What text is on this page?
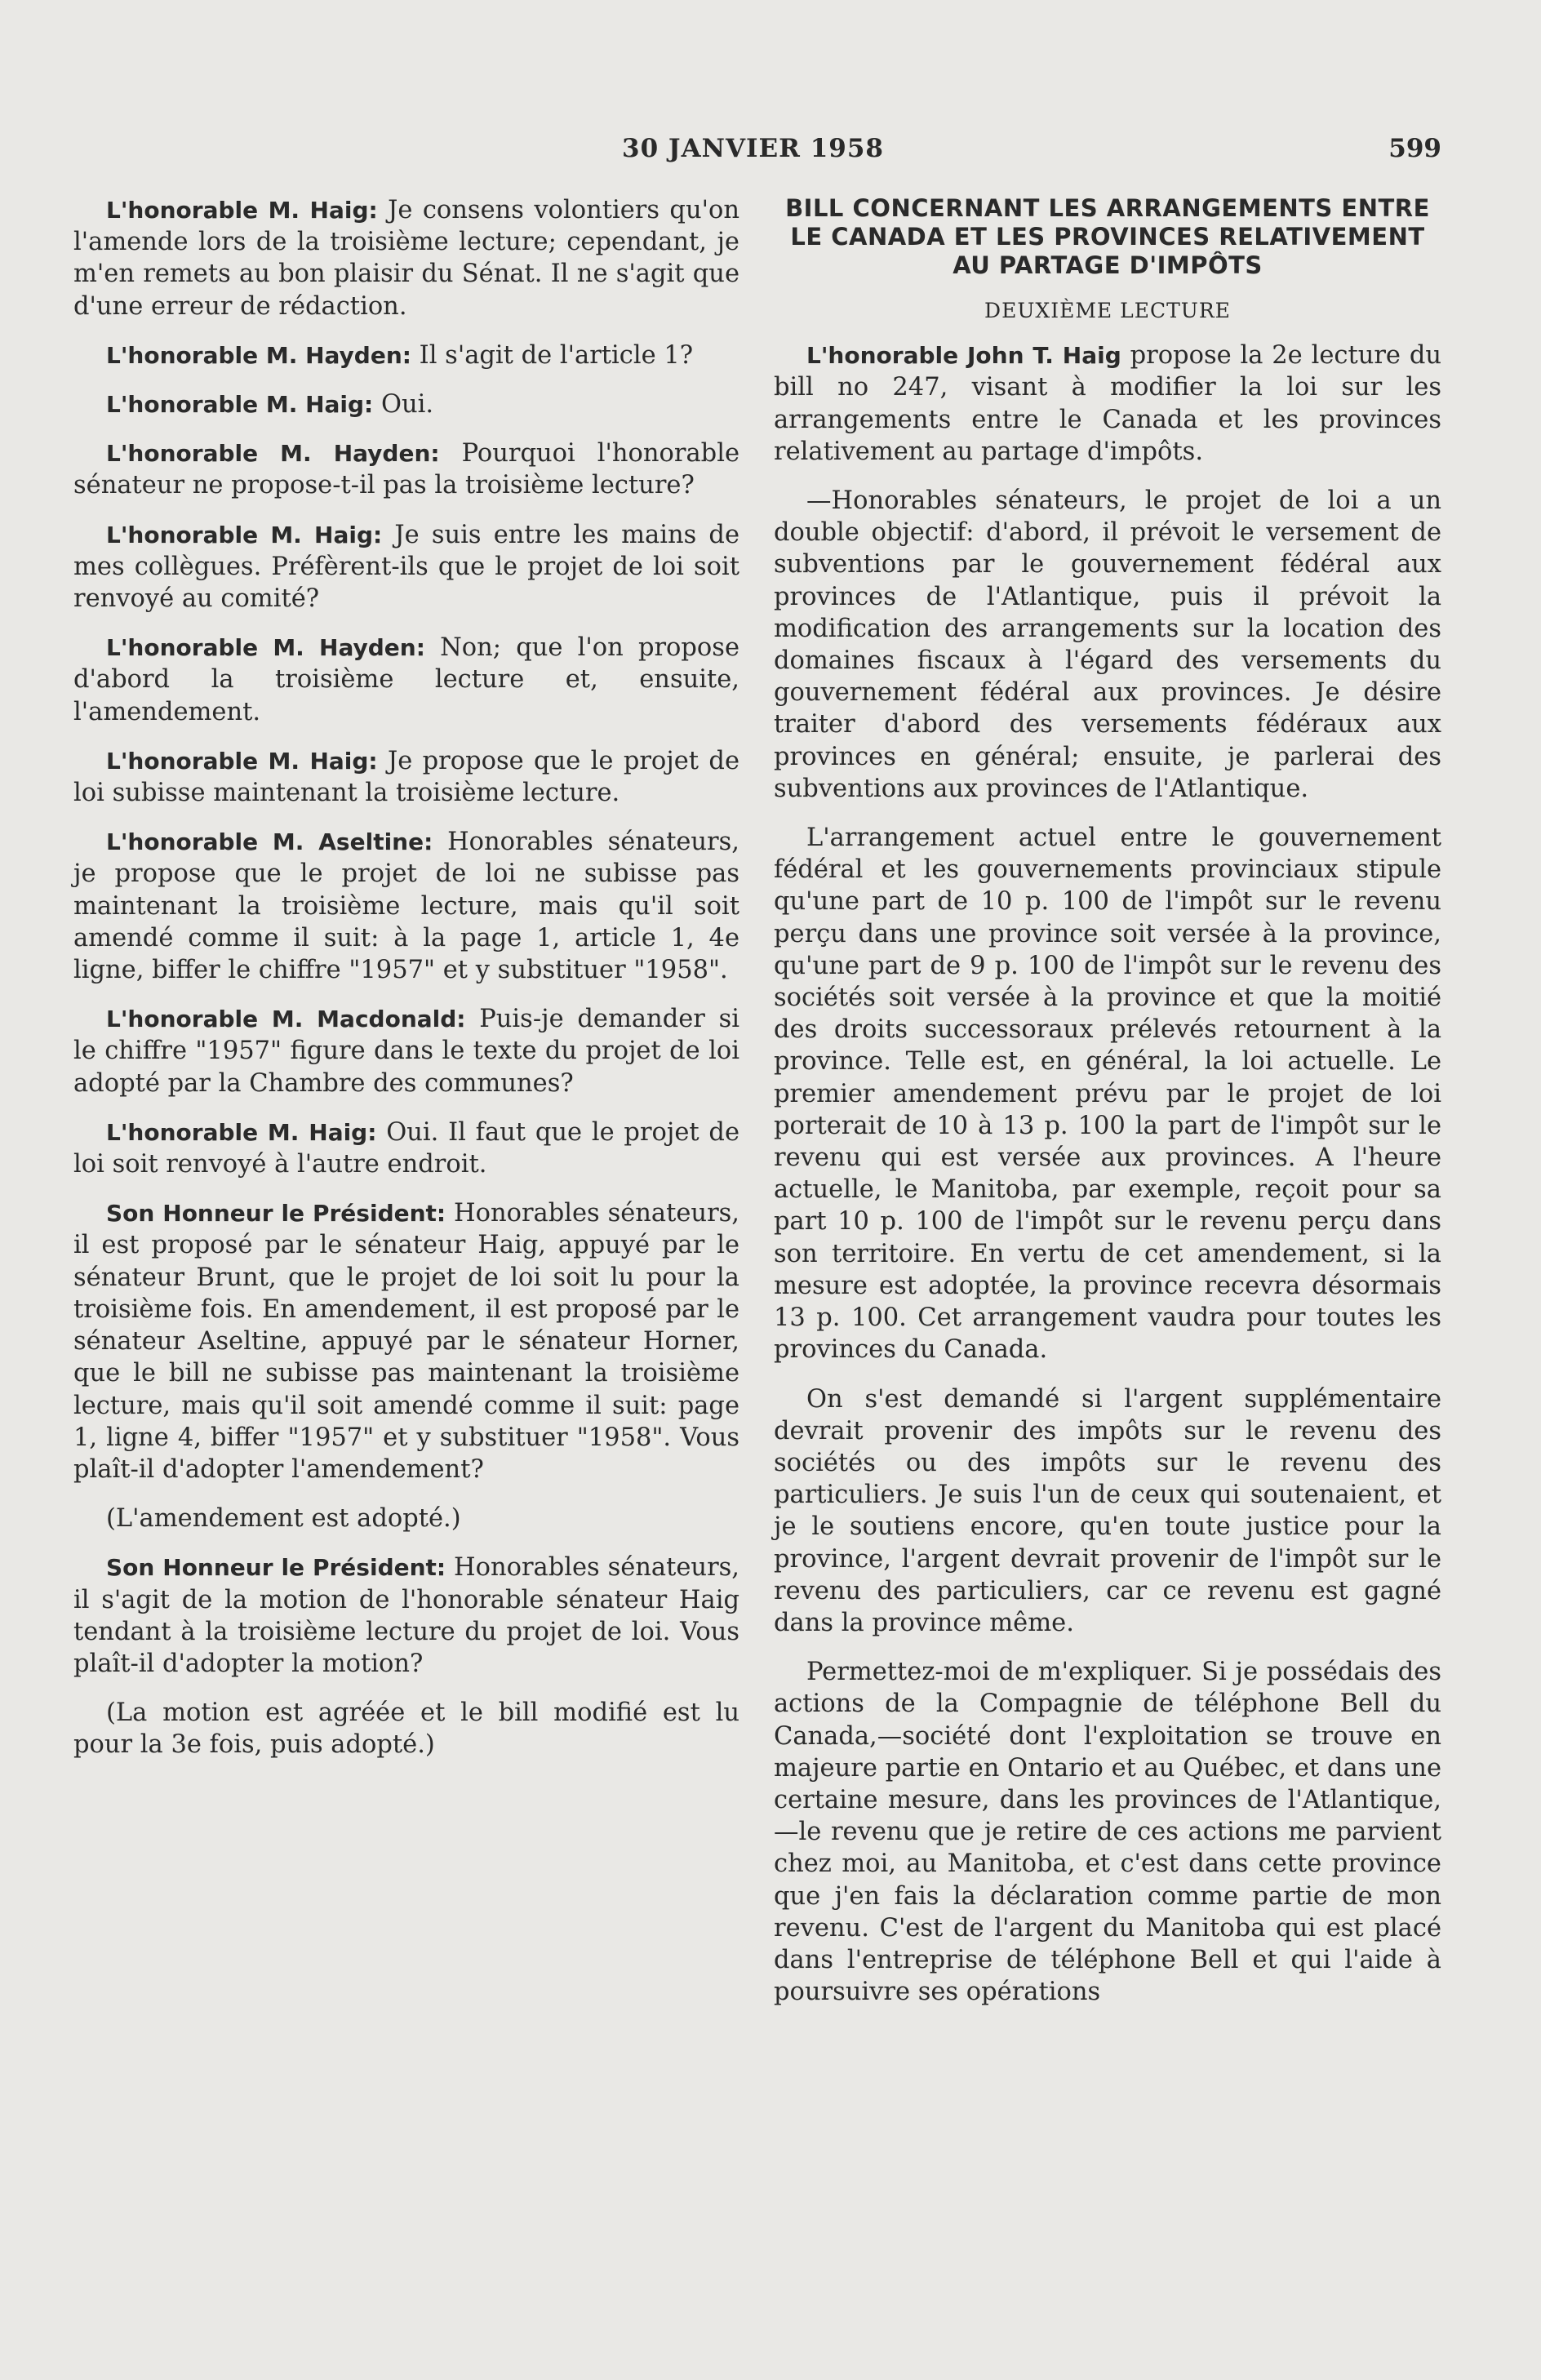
30 JANVIER 1958	599

L'honorable M. Haig: Je consens volontiers qu'on l'amende lors de la troisième lecture; cependant, je m'en remets au bon plaisir du Sénat. Il ne s'agit que d'une erreur de rédaction.

L'honorable M. Hayden: Il s'agit de l'article 1?

L'honorable M. Haig: Oui.

L'honorable M. Hayden: Pourquoi l'honorable sénateur ne propose-t-il pas la troisième lecture?

L'honorable M. Haig: Je suis entre les mains de mes collègues. Préfèrent-ils que le projet de loi soit renvoyé au comité?

L'honorable M. Hayden: Non; que l'on propose d'abord la troisième lecture et, ensuite, l'amendement.

L'honorable M. Haig: Je propose que le projet de loi subisse maintenant la troisième lecture.

L'honorable M. Aseltine: Honorables sénateurs, je propose que le projet de loi ne subisse pas maintenant la troisième lecture, mais qu'il soit amendé comme il suit: à la page 1, article 1, 4e ligne, biffer le chiffre "1957" et y substituer "1958".

L'honorable M. Macdonald: Puis-je demander si le chiffre "1957" figure dans le texte du projet de loi adopté par la Chambre des communes?

L'honorable M. Haig: Oui. Il faut que le projet de loi soit renvoyé à l'autre endroit.

Son Honneur le Président: Honorables sénateurs, il est proposé par le sénateur Haig, appuyé par le sénateur Brunt, que le projet de loi soit lu pour la troisième fois. En amendement, il est proposé par le sénateur Aseltine, appuyé par le sénateur Horner, que le bill ne subisse pas maintenant la troisième lecture, mais qu'il soit amendé comme il suit: page 1, ligne 4, biffer "1957" et y substituer "1958". Vous plaît-il d'adopter l'amendement?

(L'amendement est adopté.)

Son Honneur le Président: Honorables sénateurs, il s'agit de la motion de l'honorable sénateur Haig tendant à la troisième lecture du projet de loi. Vous plaît-il d'adopter la motion?

(La motion est agréée et le bill modifié est lu pour la 3e fois, puis adopté.)

BILL CONCERNANT LES ARRANGEMENTS ENTRE LE CANADA ET LES PROVINCES RELATIVEMENT AU PARTAGE D'IMPÔTS
DEUXIÈME LECTURE

L'honorable John T. Haig propose la 2e lecture du bill no 247, visant à modifier la loi sur les arrangements entre le Canada et les provinces relativement au partage d'impôts.

—Honorables sénateurs, le projet de loi a un double objectif: d'abord, il prévoit le versement de subventions par le gouvernement fédéral aux provinces de l'Atlantique, puis il prévoit la modification des arrangements sur la location des domaines fiscaux à l'égard des versements du gouvernement fédéral aux provinces. Je désire traiter d'abord des versements fédéraux aux provinces en général; ensuite, je parlerai des subventions aux provinces de l'Atlantique.

L'arrangement actuel entre le gouvernement fédéral et les gouvernements provinciaux stipule qu'une part de 10 p. 100 de l'impôt sur le revenu perçu dans une province soit versée à la province, qu'une part de 9 p. 100 de l'impôt sur le revenu des sociétés soit versée à la province et que la moitié des droits successoraux prélevés retournent à la province. Telle est, en général, la loi actuelle. Le premier amendement prévu par le projet de loi porterait de 10 à 13 p. 100 la part de l'impôt sur le revenu qui est versée aux provinces. A l'heure actuelle, le Manitoba, par exemple, reçoit pour sa part 10 p. 100 de l'impôt sur le revenu perçu dans son territoire. En vertu de cet amendement, si la mesure est adoptée, la province recevra désormais 13 p. 100. Cet arrangement vaudra pour toutes les provinces du Canada.

On s'est demandé si l'argent supplémentaire devrait provenir des impôts sur le revenu des sociétés ou des impôts sur le revenu des particuliers. Je suis l'un de ceux qui soutenaient, et je le soutiens encore, qu'en toute justice pour la province, l'argent devrait provenir de l'impôt sur le revenu des particuliers, car ce revenu est gagné dans la province même.

Permettez-moi de m'expliquer. Si je possédais des actions de la Compagnie de téléphone Bell du Canada,—société dont l'exploitation se trouve en majeure partie en Ontario et au Québec, et dans une certaine mesure, dans les provinces de l'Atlantique,—le revenu que je retire de ces actions me parvient chez moi, au Manitoba, et c'est dans cette province que j'en fais la déclaration comme partie de mon revenu. C'est de l'argent du Manitoba qui est placé dans l'entreprise de téléphone Bell et qui l'aide à poursuivre ses opérations
